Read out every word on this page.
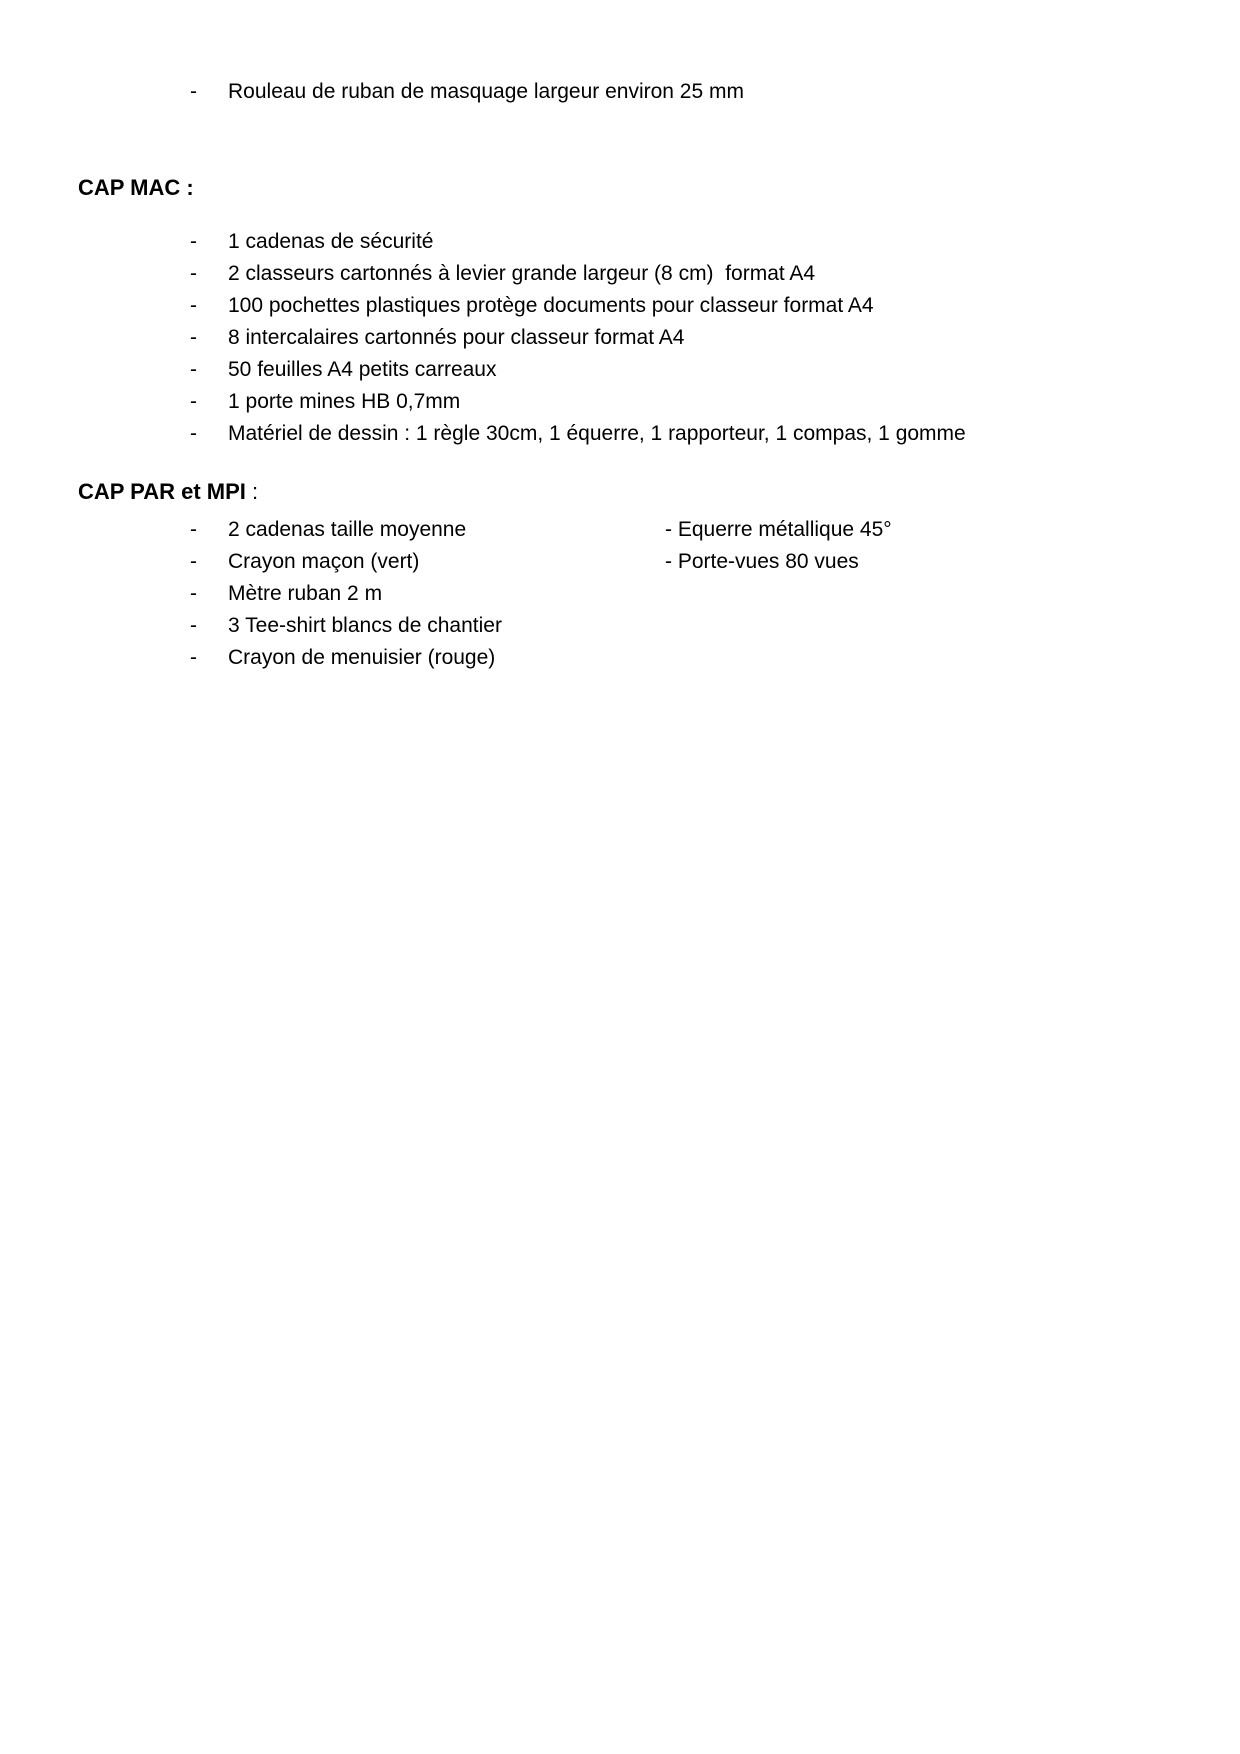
-	Rouleau de ruban de masquage largeur environ 25 mm
CAP MAC :
-	1 cadenas de sécurité
-	2 classeurs cartonnés à levier grande largeur (8 cm)  format A4
-	100 pochettes plastiques protège documents pour classeur format A4
-	8 intercalaires cartonnés pour classeur format A4
-	50 feuilles A4 petits carreaux
-	1 porte mines HB 0,7mm
-	Matériel de dessin : 1 règle 30cm, 1 équerre, 1 rapporteur, 1 compas, 1 gomme
CAP PAR et MPI :
-	2 cadenas taille moyenne
-	Crayon maçon (vert)
-	Mètre ruban 2 m
-	3 Tee-shirt blancs de chantier
-	Crayon de menuisier (rouge)
- Equerre métallique 45°
- Porte-vues 80 vues
